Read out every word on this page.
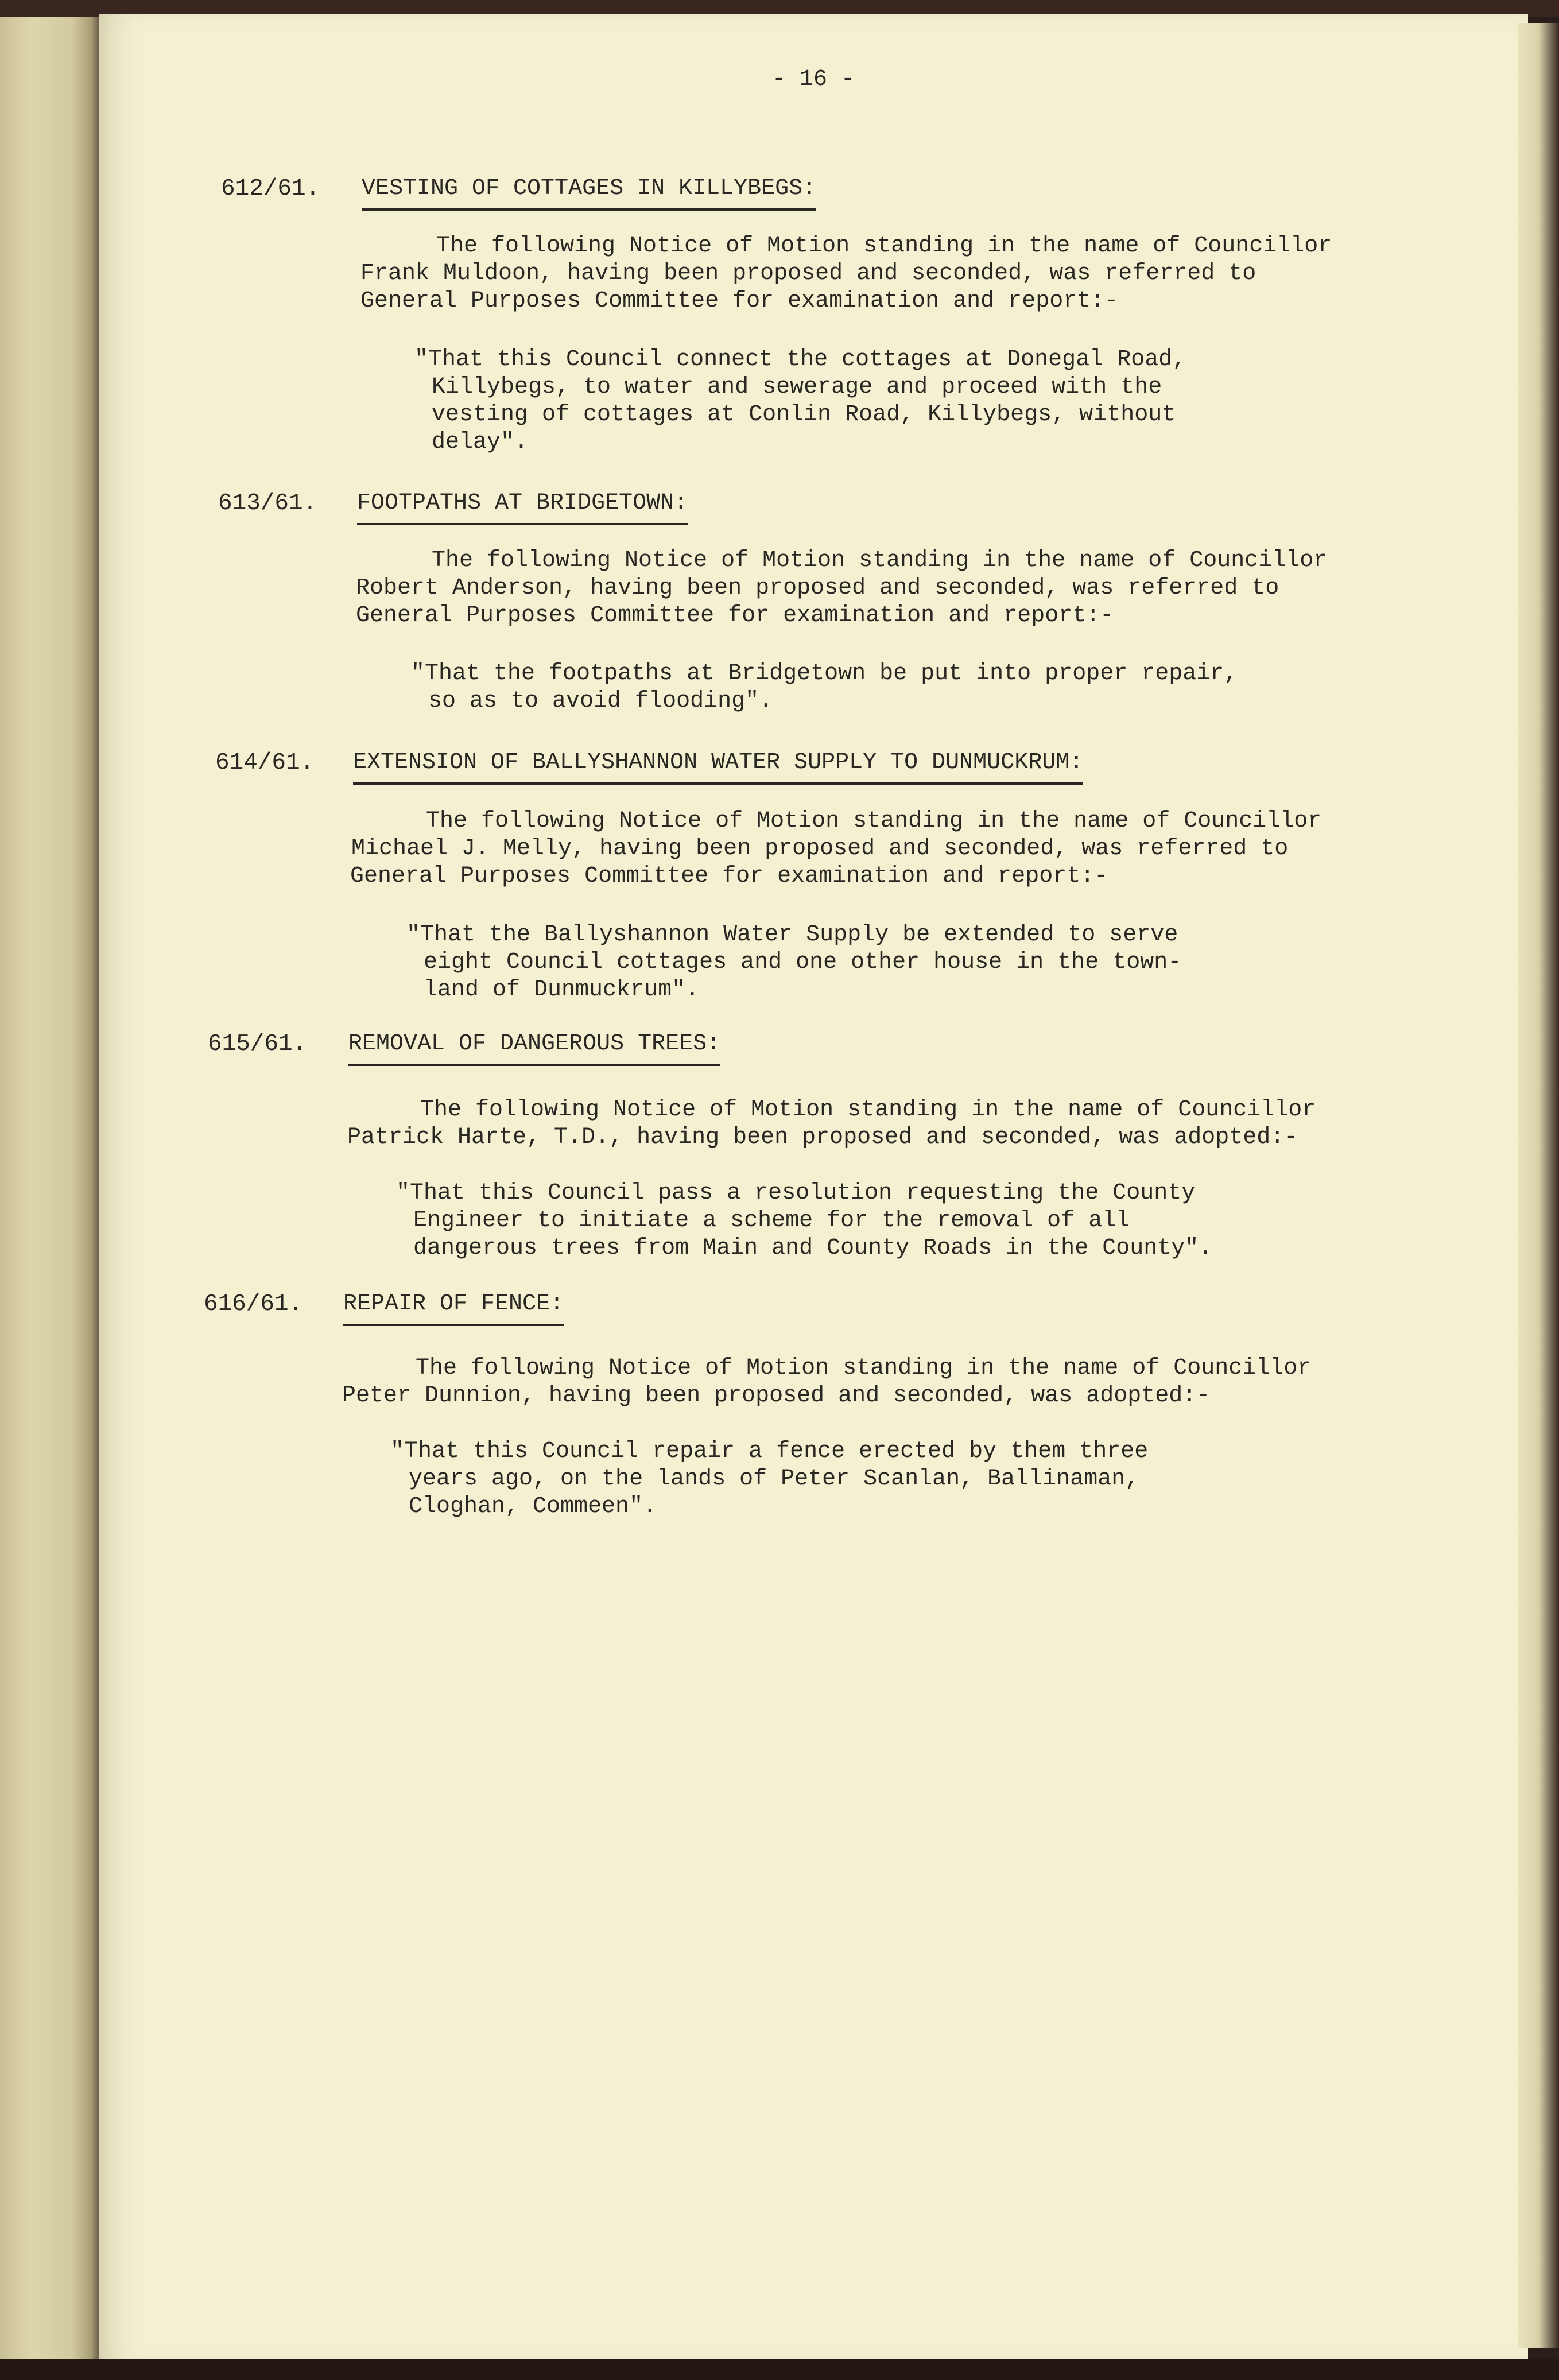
- 16 -
612/61. VESTING OF COTTAGES IN KILLYBEGS:
The following Notice of Motion standing in the name of Councillor
Frank Muldoon, having been proposed and seconded, was referred to
General Purposes Committee for examination and report:-
"That this Council connect the cottages at Donegal Road,
Killybegs, to water and sewerage and proceed with the
vesting of cottages at Conlin Road, Killybegs, without
delay".
613/61. FOOTPATHS AT BRIDGETOWN:
The following Notice of Motion standing in the name of Councillor
Robert Anderson, having been proposed and seconded, was referred to
General Purposes Committee for examination and report:-
"That the footpaths at Bridgetown be put into proper repair,
so as to avoid flooding".
614/61. EXTENSION OF BALLYSHANNON WATER SUPPLY TO DUNMUCKRUM:
The following Notice of Motion standing in the name of Councillor
Michael J. Melly, having been proposed and seconded, was referred to
General Purposes Committee for examination and report:-
"That the Ballyshannon Water Supply be extended to serve
eight Council cottages and one other house in the town-
land of Dunmuckrum".
615/61. REMOVAL OF DANGEROUS TREES:
The following Notice of Motion standing in the name of Councillor
Patrick Harte, T.D., having been proposed and seconded, was adopted:-
"That this Council pass a resolution requesting the County
Engineer to initiate a scheme for the removal of all
dangerous trees from Main and County Roads in the County".
616/61. REPAIR OF FENCE:
The following Notice of Motion standing in the name of Councillor
Peter Dunnion, having been proposed and seconded, was adopted:-
"That this Council repair a fence erected by them three
years ago, on the lands of Peter Scanlan, Ballinaman,
Cloghan, Commeen".
